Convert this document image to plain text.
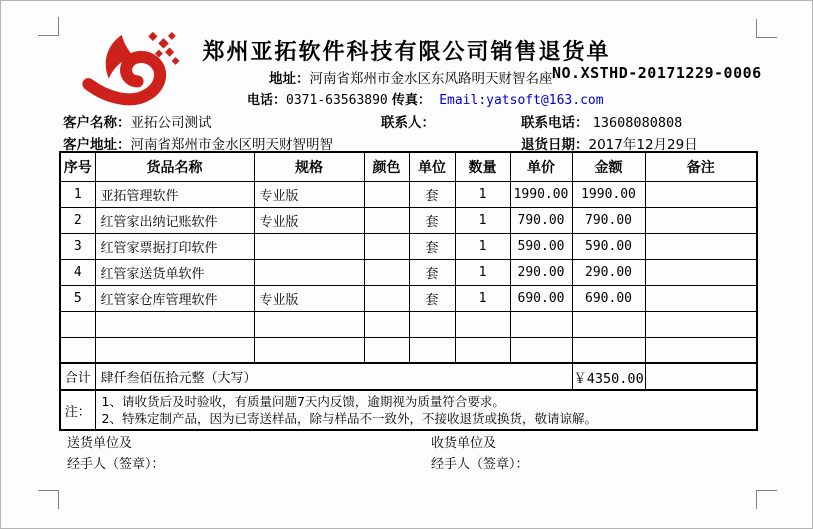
郑州亚拓软件科技有限公司销售退货单
地址：河南省郑州市金水区东风路明天财智名座 NO.XSTHD-20171229-0006
电话：0371-63563890 传真： Email:yatsoft@163.com
客户名称：亚拓公司测试	联系人：	联系电话： 13608080808
客户地址：河南省郑州市金水区明天财智明智	退货日期：2017年12月29日
序号	货品名称	规格	颜色	单位	数量	单价	金额	备注
1	亚拓管理软件	专业版		套	1	1990.00	1990.00	
2	红管家出纳记账软件	专业版		套	1	790.00	790.00	
3	红管家票据打印软件			套	1	590.00	590.00	
4	红管家送货单软件			套	1	290.00	290.00	
5	红管家仓库管理软件	专业版		套	1	690.00	690.00	

合计	肆仟叁佰伍拾元整（大写）						￥4350.00	
注：	1、请收货后及时验收，有质量问题7天内反馈，逾期视为质量符合要求。
2、特殊定制产品，因为已寄送样品，除与样品不一致外，不接收退货或换货，敬请谅解。							
送货单位及
经手人（签章）：
收货单位及
经手人（签章）：
